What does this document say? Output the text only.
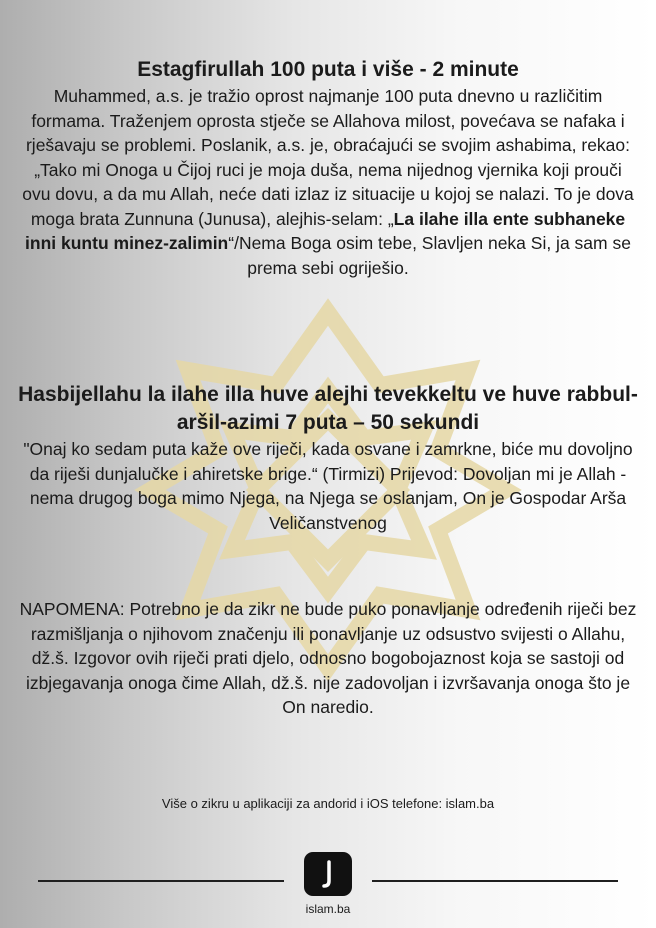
Estagfirullah 100 puta i više - 2 minute

Muhammed, a.s. je tražio oprost najmanje 100 puta dnevno u različitim formama. Traženjem oprosta stječe se Allahova milost, povećava se nafaka i rješavaju se problemi. Poslanik, a.s. je, obraćajući se svojim ashabima, rekao: „Tako mi Onoga u Čijoj ruci je moja duša, nema nijednog vjernika koji prouči ovu dovu, a da mu Allah, neće dati izlaz iz situacije u kojoj se nalazi. To je dova moga brata Zunnuna (Junusa), alejhis-selam: „La ilahe illa ente subhaneke inni kuntu minez-zalimin“/Nema Boga osim tebe, Slavljen neka Si, ja sam se prema sebi ogriješio.

Hasbijellahu la ilahe illa huve alejhi tevekkeltu ve huve rabbul-aršil-azimi 7 puta – 50 sekundi

"Onaj ko sedam puta kaže ove riječi, kada osvane i zamrkne, biće mu dovoljno da riješi dunjalučke i ahiretske brige.“ (Tirmizi) Prijevod: Dovoljan mi je Allah - nema drugog boga mimo Njega, na Njega se oslanjam, On je Gospodar Arša Veličanstvenog

NAPOMENA: Potrebno je da zikr ne bude puko ponavljanje određenih riječi bez razmišljanja o njihovom značenju ili ponavljanje uz odsustvo svijesti o Allahu, dž.š. Izgovor ovih riječi prati djelo, odnosno bogobojaznost koja se sastoji od izbjegavanja onoga čime Allah, dž.š. nije zadovoljan i izvršavanja onoga što je On naredio.

Više o zikru u aplikaciji za andorid i iOS telefone: islam.ba
islam.ba
